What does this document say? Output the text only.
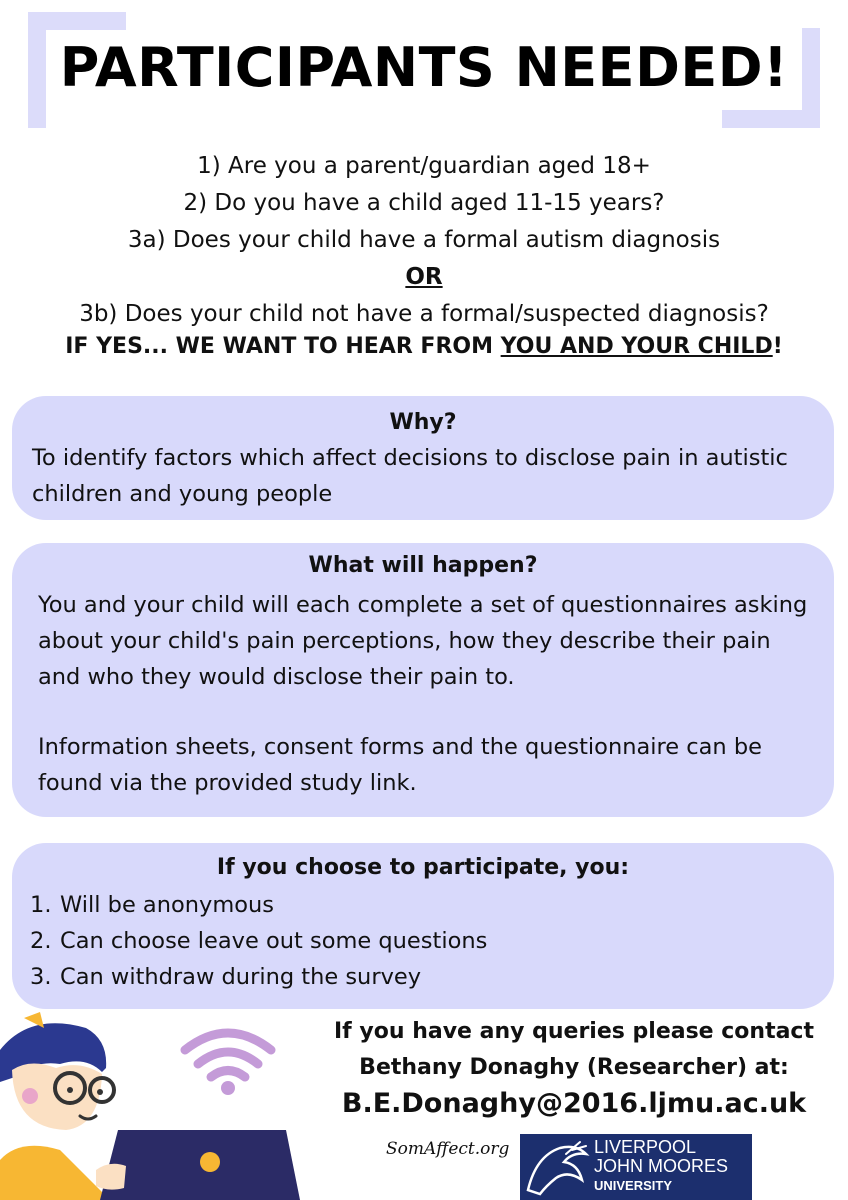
PARTICIPANTS NEEDED!
1) Are you a parent/guardian aged 18+
2) Do you have a child aged 11-15 years?
3a) Does your child have a formal autism diagnosis
OR
3b) Does your child not have a formal/suspected diagnosis?
IF YES... WE WANT TO HEAR FROM YOU AND YOUR CHILD!
Why?
To identify factors which affect decisions to disclose pain in autistic children and young people
What will happen?
You and your child will each complete a set of questionnaires asking about your child's pain perceptions, how they describe their pain and who they would disclose their pain to.
Information sheets, consent forms and the questionnaire can be found via the provided study link.
If you choose to participate, you:
1. Will be anonymous
2. Can choose leave out some questions
3. Can withdraw during the survey
If you have any queries please contact
Bethany Donaghy (Researcher) at:
B.E.Donaghy@2016.ljmu.ac.uk
SomAffect.org	LIVERPOOL
JOHN MOORES
UNIVERSITY
